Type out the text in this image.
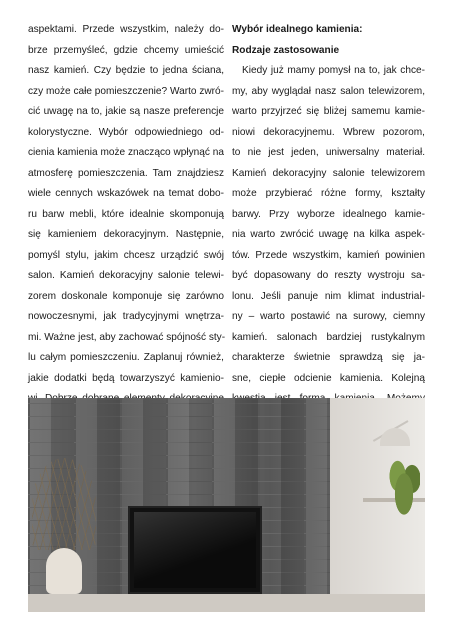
aspektami. Przede wszystkim, należy do-

brze przemyśleć, gdzie chcemy umieścić

nasz kamień. Czy będzie to jedna ściana,

czy może całe pomieszczenie? Warto zwró-

cić uwagę na to, jakie są nasze preferencje

kolorystyczne. Wybór odpowiedniego od-

cienia kamienia może znacząco wpłynąć na

atmosferę pomieszczenia. Tam znajdziesz

wiele cennych wskazówek na temat dobo-

ru barw mebli, które idealnie skomponują

się kamieniem dekoracyjnym. Następnie,

pomyśl stylu, jakim chcesz urządzić swój

salon. Kamień dekoracyjny salonie telewi-

zorem doskonale komponuje się zarówno

nowoczesnymi, jak tradycyjnymi wnętrza-

mi. Ważne jest, aby zachować spójność sty-

lu całym pomieszczeniu. Zaplanuj również,

jakie dodatki będą towarzyszyć kamienio-

Wybór idealnego kamienia:

Rodzaje zastosowanie

Kiedy już mamy pomysł na to, jak chce-

my, aby wyglądał nasz salon telewizorem,

warto przyjrzeć się bliżej samemu kamie-

niowi dekoracyjnemu. Wbrew pozorom,

to nie jest jeden, uniwersalny materiał.

Kamień dekoracyjny salonie telewizorem

może przybierać różne formy, kształty

barwy. Przy wyborze idealnego kamie-

nia warto zwrócić uwagę na kilka aspek-

tów. Przede wszystkim, kamień powinien

być dopasowany do reszty wystroju sa-

lonu. Jeśli panuje nim klimat industrial-

ny – warto postawić na surowy, ciemny

kamień. salonach bardziej rustykalnym

charakterze świetnie sprawdzą się ja-

sne, ciepłe odcienie kamienia. Kolejną
